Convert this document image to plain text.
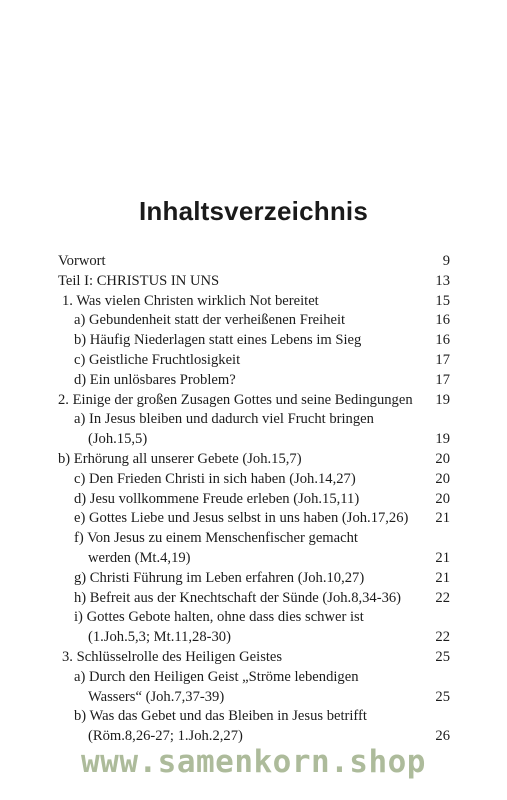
Inhaltsverzeichnis
Vorwort	9
Teil I: CHRISTUS IN UNS	13
1. Was vielen Christen wirklich Not bereitet	15
a) Gebundenheit statt der verheißenen Freiheit	16
b) Häufig Niederlagen statt eines Lebens im Sieg	16
c) Geistliche Fruchtlosigkeit	17
d) Ein unlösbares Problem?	17
2. Einige der großen Zusagen Gottes und seine Bedingungen 19
a) In Jesus bleiben und dadurch viel Frucht bringen
(Joh.15,5)	19
b) Erhörung all unserer Gebete (Joh.15,7)	20
c) Den Frieden Christi in sich haben (Joh.14,27)	20
d) Jesu vollkommene Freude erleben (Joh.15,11)	20
e) Gottes Liebe und Jesus selbst in uns haben (Joh.17,26) 21
f) Von Jesus zu einem Menschenfischer gemacht
werden (Mt.4,19)	21
g) Christi Führung im Leben erfahren (Joh.10,27)	21
h) Befreit aus der Knechtschaft der Sünde (Joh.8,34-36) 22
i) Gottes Gebote halten, ohne dass dies schwer ist
(1.Joh.5,3; Mt.11,28-30)	22
3. Schlüsselrolle des Heiligen Geistes	25
a) Durch den Heiligen Geist „Ströme lebendigen
Wassers“ (Joh.7,37-39)	25
b) Was das Gebet und das Bleiben in Jesus betrifft
(Röm.8,26-27; 1.Joh.2,27)	26
www.samenkorn.shop
